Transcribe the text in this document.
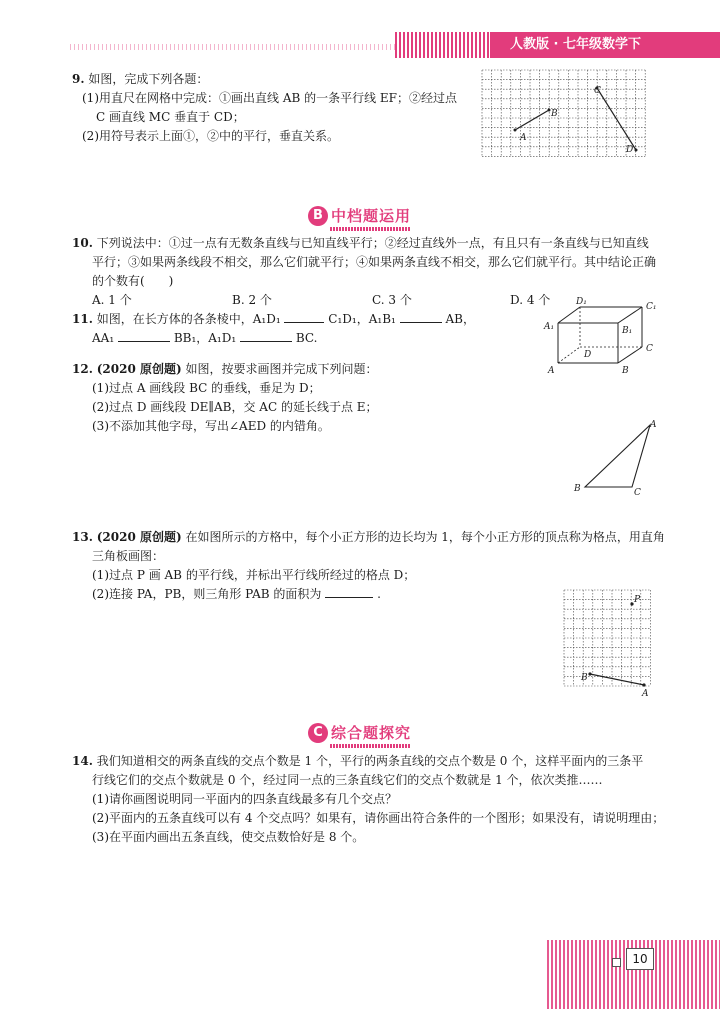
人教版 · 七年级数学下
9. 如图，完成下列各题：
(1)用直尺在网格中完成：①画出直线 AB 的一条平行线 EF；②经过点
C 画直线 MC 垂直于 CD；
(2)用符号表示上面①，②中的平行，垂直关系。	A
B
C
D
B 中档题运用
10. 下列说法中：①过一点有无数条直线与已知直线平行；②经过直线外一点，有且只有一条直线与已知直线
平行；③如果两条线段不相交，那么它们就平行；④如果两条直线不相交，那么它们就平行。其中结论正确
的个数有(　　)
A. 1 个	B. 2 个	C. 3 个	D. 4 个
11. 如图，在长方体的各条棱中，A₁D₁	C₁D₁，A₁B₁	AB，
AA₁	BB₁，A₁D₁	BC.
D₁	C₁
A₁	B₁
D
C
A	B
12. (2020 原创题) 如图，按要求画图并完成下列问题：
(1)过点 A 画线段 BC 的垂线，垂足为 D；
(2)过点 D 画线段 DE∥AB，交 AC 的延长线于点 E；
(3)不添加其他字母，写出∠AED 的内错角。	A
B	C
13. (2020 原创题) 在如图所示的方格中，每个小正方形的边长均为 1，每个小正方形的顶点称为格点，用直角
三角板画图：
(1)过点 P 画 AB 的平行线，并标出平行线所经过的格点 D；
(2)连接 PA，PB，则三角形 PAB 的面积为	.	P
B
A
C 综合题探究
14. 我们知道相交的两条直线的交点个数是 1 个，平行的两条直线的交点个数是 0 个，这样平面内的三条平
行线它们的交点个数就是 0 个，经过同一点的三条直线它们的交点个数就是 1 个，依次类推……
(1)请你画图说明同一平面内的四条直线最多有几个交点？
(2)平面内的五条直线可以有 4 个交点吗？如果有，请你画出符合条件的一个图形；如果没有，请说明理由；
(3)在平面内画出五条直线，使交点数恰好是 8 个。
10
